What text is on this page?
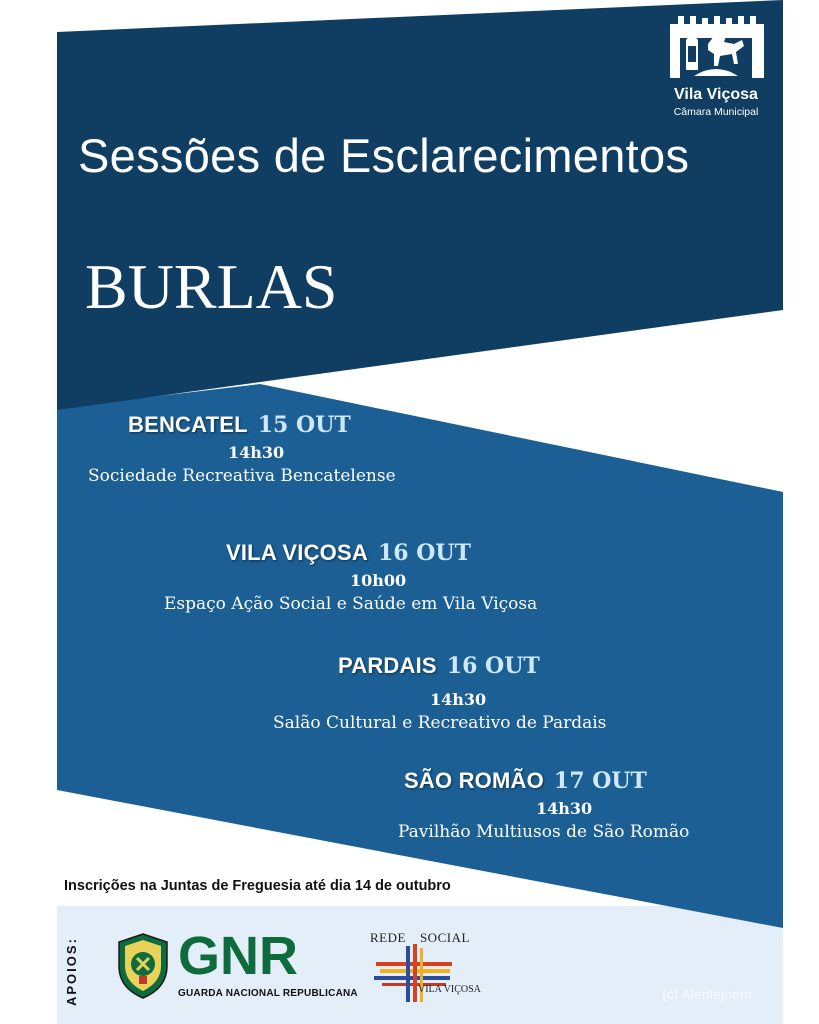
Vila Viçosa
Câmara Municipal
Sessões de Esclarecimentos
BURLAS
BENCATEL 15 OUT
14h30
Sociedade Recreativa Bencatelense
VILA VIÇOSA 16 OUT
10h00
Espaço Ação Social e Saúde em Vila Viçosa
PARDAIS 16 OUT
14h30
Salão Cultural e Recreativo de Pardais
SÃO ROMÃO 17 OUT
14h30
Pavilhão Multiusos de São Romão

Inscrições na Juntas de Freguesia até dia 14 de outubro

APOIOS: GNR
GUARDA NACIONAL REPUBLICANA
REDE SOCIAL
VILA VIÇOSA	(c) Alentejoem
